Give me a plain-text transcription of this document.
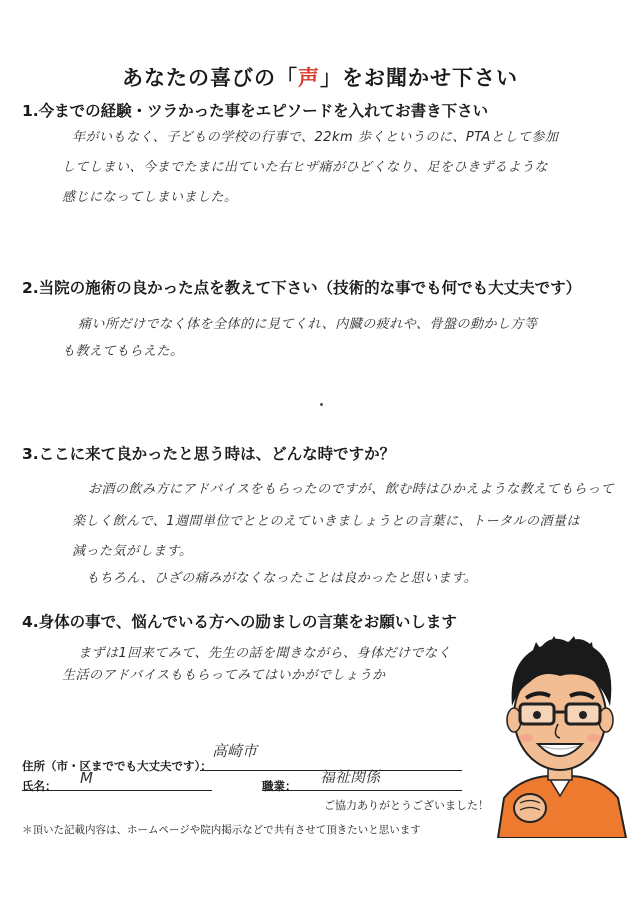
あなたの喜びの「声」をお聞かせ下さい
1.今までの経験・ツラかった事をエピソードを入れてお書き下さい
年がいもなく、子どもの学校の行事で、22km 歩くというのに、PTAとして参加
してしまい、今までたまに出ていた右ヒザ痛がひどくなり、足をひきずるような
感じになってしまいました。
2.当院の施術の良かった点を教えて下さい（技術的な事でも何でも大丈夫です）
痛い所だけでなく体を全体的に見てくれ、内臓の疲れや、骨盤の動かし方等
も教えてもらえた。
3.ここに来て良かったと思う時は、どんな時ですか？
お酒の飲み方にアドバイスをもらったのですが、飲む時はひかえような教えてもらって
楽しく飲んで、1週間単位でととのえていきましょうとの言葉に、トータルの酒量は
減った気がします。
もちろん、ひざの痛みがなくなったことは良かったと思います。
4.身体の事で、悩んでいる方への励ましの言葉をお願いします
まずは1回来てみて、先生の話を聞きながら、身体だけでなく
生活のアドバイスももらってみてはいかがでしょうか
住所（市・区まででも大丈夫です）：
高崎市
氏名： M	職業： 福祉関係
ご協力ありがとうございました！
＊頂いた記載内容は、ホームページや院内掲示などで共有させて頂きたいと思います
